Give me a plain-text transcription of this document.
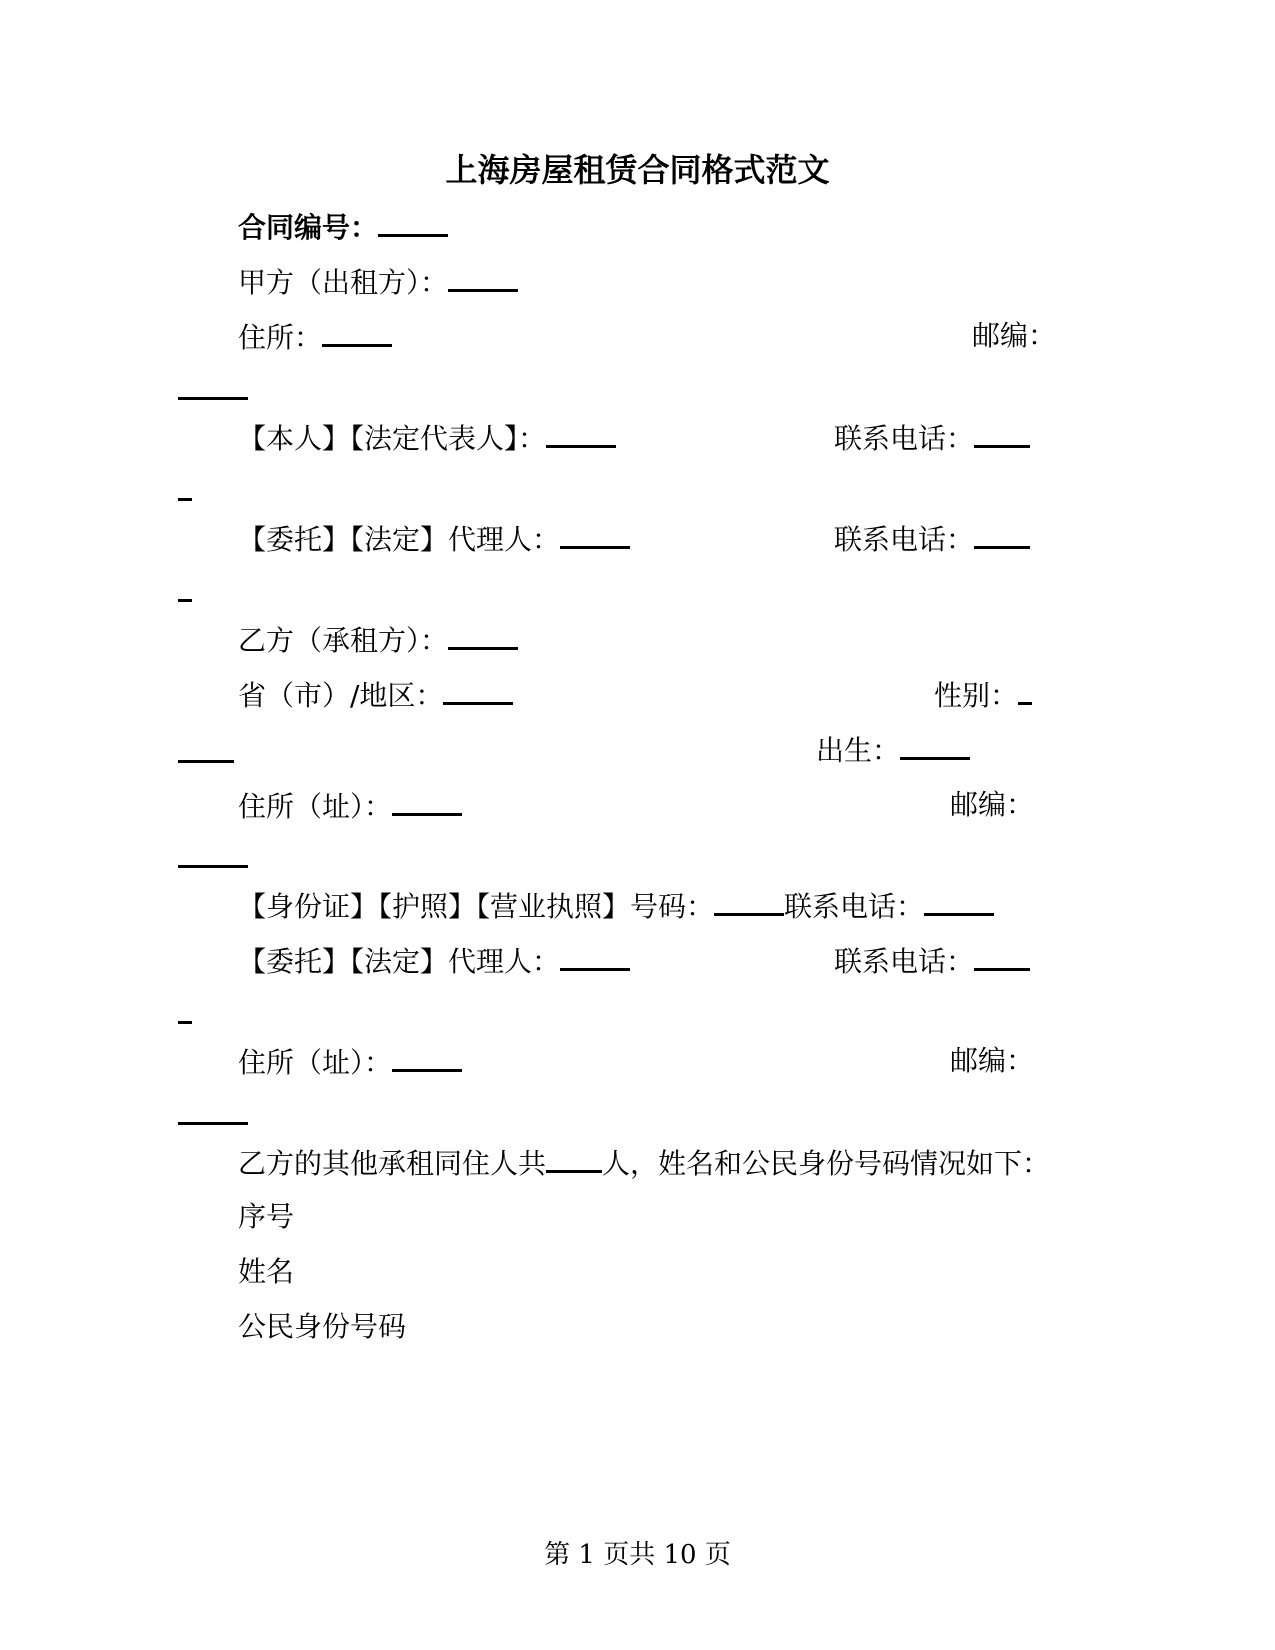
上海房屋租赁合同格式范文
合同编号：
甲方（出租方）：
住所：	邮编：
【本人】【法定代表人】：	联系电话：
【委托】【法定】代理人：	联系电话：
乙方（承租方）：
省（市）/地区：	性别：
出生：
住所（址）：	邮编：
【身份证】【护照】【营业执照】号码：	联系电话：
【委托】【法定】代理人：	联系电话：
住所（址）：	邮编：
乙方的其他承租同住人共 人，姓名和公民身份号码情况如下：
序号
姓名
公民身份号码
第 1 页共 10 页
